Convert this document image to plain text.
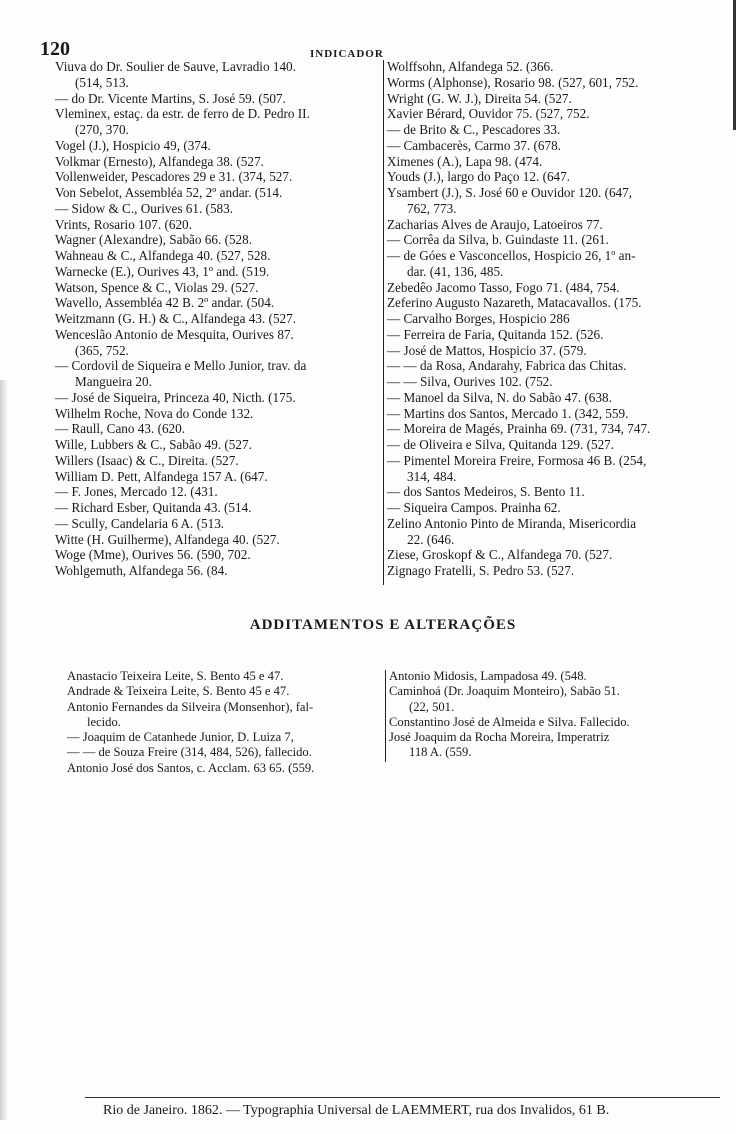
120	INDICADOR
Viuva do Dr. Soulier de Sauve, Lavradio 140.
(514, 513.
— do Dr. Vicente Martins, S. José 59. (507.
Vleminex, estaç. da estr. de ferro de D. Pedro II.
(270, 370.
Vogel (J.), Hospicio 49, (374.
Volkmar (Ernesto), Alfandega 38. (527.
Vollenweider, Pescadores 29 e 31. (374, 527.
Von Sebelot, Assembléa 52, 2º andar. (514.
— Sidow & C., Ourives 61. (583.
Vrints, Rosario 107. (620.
Wagner (Alexandre), Sabão 66. (528.
Wahneau & C., Alfandega 40. (527, 528.
Warnecke (E.), Ourives 43, 1º and. (519.
Watson, Spence & C., Violas 29. (527.
Wavello, Assembléa 42 B. 2º andar. (504.
Weitzmann (G. H.) & C., Alfandega 43. (527.
Wenceslão Antonio de Mesquita, Ourives 87.
(365, 752.
— Cordovil de Siqueira e Mello Junior, trav. da
Mangueira 20.
— José de Siqueira, Princeza 40, Nicth. (175.
Wilhelm Roche, Nova do Conde 132.
— Raull, Cano 43. (620.
Wille, Lubbers & C., Sabão 49. (527.
Willers (Isaac) & C., Direita. (527.
William D. Pett, Alfandega 157 A. (647.
— F. Jones, Mercado 12. (431.
— Richard Esber, Quitanda 43. (514.
— Scully, Candelaria 6 A. (513.
Witte (H. Guilherme), Alfandega 40. (527.
Woge (Mme), Ourives 56. (590, 702.
Wohlgemuth, Alfandega 56. (84.
Wolffsohn, Alfandega 52. (366.
Worms (Alphonse), Rosario 98. (527, 601, 752.
Wright (G. W. J.), Direita 54. (527.
Xavier Bérard, Ouvidor 75. (527, 752.
— de Brito & C., Pescadores 33.
— Cambacerès, Carmo 37. (678.
Ximenes (A.), Lapa 98. (474.
Youds (J.), largo do Paço 12. (647.
Ysambert (J.), S. José 60 e Ouvidor 120. (647,
762, 773.
Zacharias Alves de Araujo, Latoeiros 77.
— Corrêa da Silva, b. Guindaste 11. (261.
— de Góes e Vasconcellos, Hospicio 26, 1º an-
dar. (41, 136, 485.
Zebedêo Jacomo Tasso, Fogo 71. (484, 754.
Zeferino Augusto Nazareth, Matacavallos. (175.
— Carvalho Borges, Hospicio 286
— Ferreira de Faria, Quitanda 152. (526.
— José de Mattos, Hospicio 37. (579.
— — da Rosa, Andarahy, Fabrica das Chitas.
— — Silva, Ourives 102. (752.
— Manoel da Silva, N. do Sabão 47. (638.
— Martins dos Santos, Mercado 1. (342, 559.
— Moreira de Magés, Prainha 69. (731, 734, 747.
— de Oliveira e Silva, Quitanda 129. (527.
— Pimentel Moreira Freire, Formosa 46 B. (254,
314, 484.
— dos Santos Medeiros, S. Bento 11.
— Siqueira Campos. Prainha 62.
Zelino Antonio Pinto de Miranda, Misericordia
22. (646.
Ziese, Groskopf & C., Alfandega 70. (527.
Zignago Fratelli, S. Pedro 53. (527.
ADDITAMENTOS E ALTERAÇÕES
Anastacio Teixeira Leite, S. Bento 45 e 47.
Andrade & Teixeira Leite, S. Bento 45 e 47.
Antonio Fernandes da Silveira (Monsenhor), fal-
lecido.
— Joaquim de Catanhede Junior, D. Luiza 7,
— — de Souza Freire (314, 484, 526), fallecido.
Antonio José dos Santos, c. Acclam. 63 65. (559.
Antonio Midosis, Lampadosa 49. (548.
Caminhoá (Dr. Joaquim Monteiro), Sabão 51.
(22, 501.
Constantino José de Almeida e Silva. Fallecido.
José Joaquim da Rocha Moreira, Imperatriz
118 A. (559.
Rio de Janeiro. 1862. — Typographia Universal de LAEMMERT, rua dos Invalidos, 61 B.
